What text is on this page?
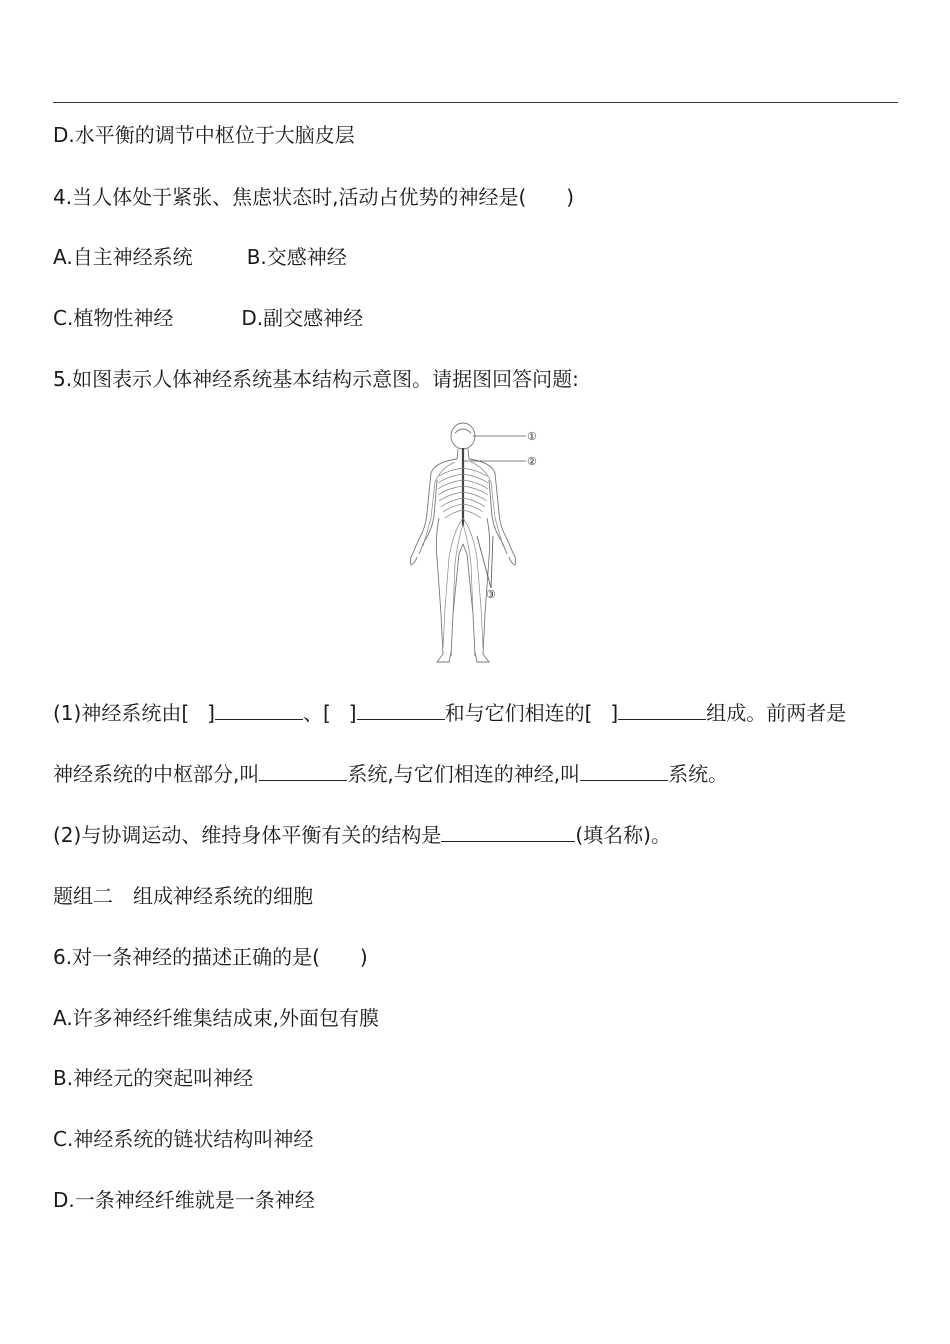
D.水平衡的调节中枢位于大脑皮层
4.当人体处于紧张、焦虑状态时,活动占优势的神经是( )
A.自主神经系统	B.交感神经
C.植物性神经	D.副交感神经
5.如图表示人体神经系统基本结构示意图。请据图回答问题:
①
②
③
(1)神经系统由[ ]	、[ ]	和与它们相连的[ ]	组成。前两者是
神经系统的中枢部分,叫	系统,与它们相连的神经,叫	系统。
(2)与协调运动、维持身体平衡有关的结构是	(填名称)。
题组二　组成神经系统的细胞
6.对一条神经的描述正确的是( )
A.许多神经纤维集结成束,外面包有膜
B.神经元的突起叫神经
C.神经系统的链状结构叫神经
D.一条神经纤维就是一条神经
